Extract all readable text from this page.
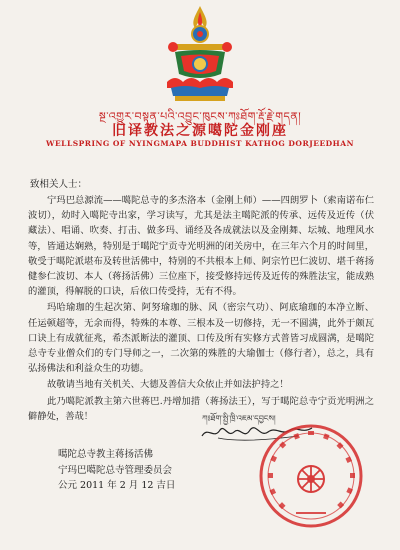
སྔ་འགྱུར་བསྟན་པའི་འབྱུང་ཁུངས་ཀཿཐོག་རྡོ་རྗེ་གདན།
旧译教法之源噶陀金刚座
WELLSPRING OF NYINGMAPA BUDDHIST KATHOG DORJEEDHAN
致相关人士：

宁玛巴总源流——噶陀总寺的多杰洛本（金刚上师）——四朗罗卜（索南诺布仁波切），幼时入噶陀寺出家，学习读写，尤其是法主噶陀派的传承、远传及近传（伏藏法）、唱诵、吹奏、打击、做多玛、诵经及各成就法以及金刚舞、坛城、地理风水等，皆通达娴熟，特别是于噶陀宁贡寺光明洲的闭关房中，在三年六个月的时间里，敬受于噶陀派堪布及转世活佛中，特别的不共根本上师、阿宗竹巴仁波切、堪千蒋扬健参仁波切、本人（蒋扬活佛）三位座下，接受修持远传及近传的殊胜法宝，能成熟的灌顶，得解脱的口诀，后依口传受持，无有不得。

玛哈瑜珈的生起次第、阿努瑜珈的脉、风（密宗气功）、阿底瑜珈的本净立断、任运顿超等，无余而得，特殊的本尊、三根本及一切修持，无一不圆满，此外于颇瓦口诀上有成就征兆，希杰派断法的灌顶、口传及所有实修方式普皆习成圆满，是噶陀总寺专业僧众们的专门导师之一，二次第的殊胜的大瑜伽士（修行者），总之，具有弘扬佛法和利益众生的功德。

故敬请当地有关机关、大德及善信大众依止并如法护持之！

此乃噶陀派教主第六世蒋巴.丹增加措（蒋扬法王），写于噶陀总寺宁贡光明洲之僻静处，善哉！	ཀཿཐོག་སྤྱི་ཁྲི་འཇམ་དབྱངས།
噶陀总寺教主蒋扬活佛
宁玛巴噶陀总寺管理委员会
公元 2011 年 2 月 12 吉日
